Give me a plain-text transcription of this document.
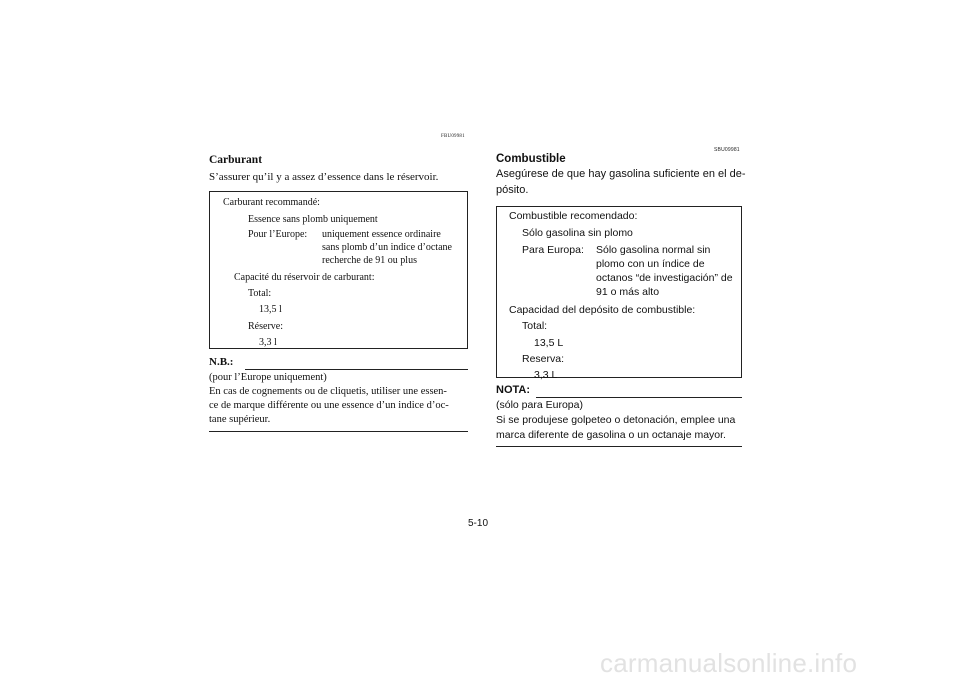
FBU09981
Carburant
S’assurer qu’il y a assez d’essence dans le réservoir.
Carburant recommandé:
Essence sans plomb uniquement
Pour l’Europe: uniquement essence ordinaire
sans plomb d’un indice d’octane
recherche de 91 ou plus
Capacité du réservoir de carburant:
Total:
13,5 l
Réserve:
3,3 l
N.B.:
(pour l’Europe uniquement)
En cas de cognements ou de cliquetis, utiliser une essen-
ce de marque différente ou une essence d’un indice d’oc-
tane supérieur.
SBU09981
Combustible
Asegúrese de que hay gasolina suficiente en el de-
pósito.
Combustible recomendado:
Sólo gasolina sin plomo
Para Europa: Sólo gasolina normal sin
plomo con un índice de
octanos “de investigación” de
91 o más alto
Capacidad del depósito de combustible:
Total:
13,5 L
Reserva:
3,3 L
NOTA:
(sólo para Europa)
Si se produjese golpeteo o detonación, emplee una
marca diferente de gasolina o un octanaje mayor.
5-10
carmanualsonline.info
